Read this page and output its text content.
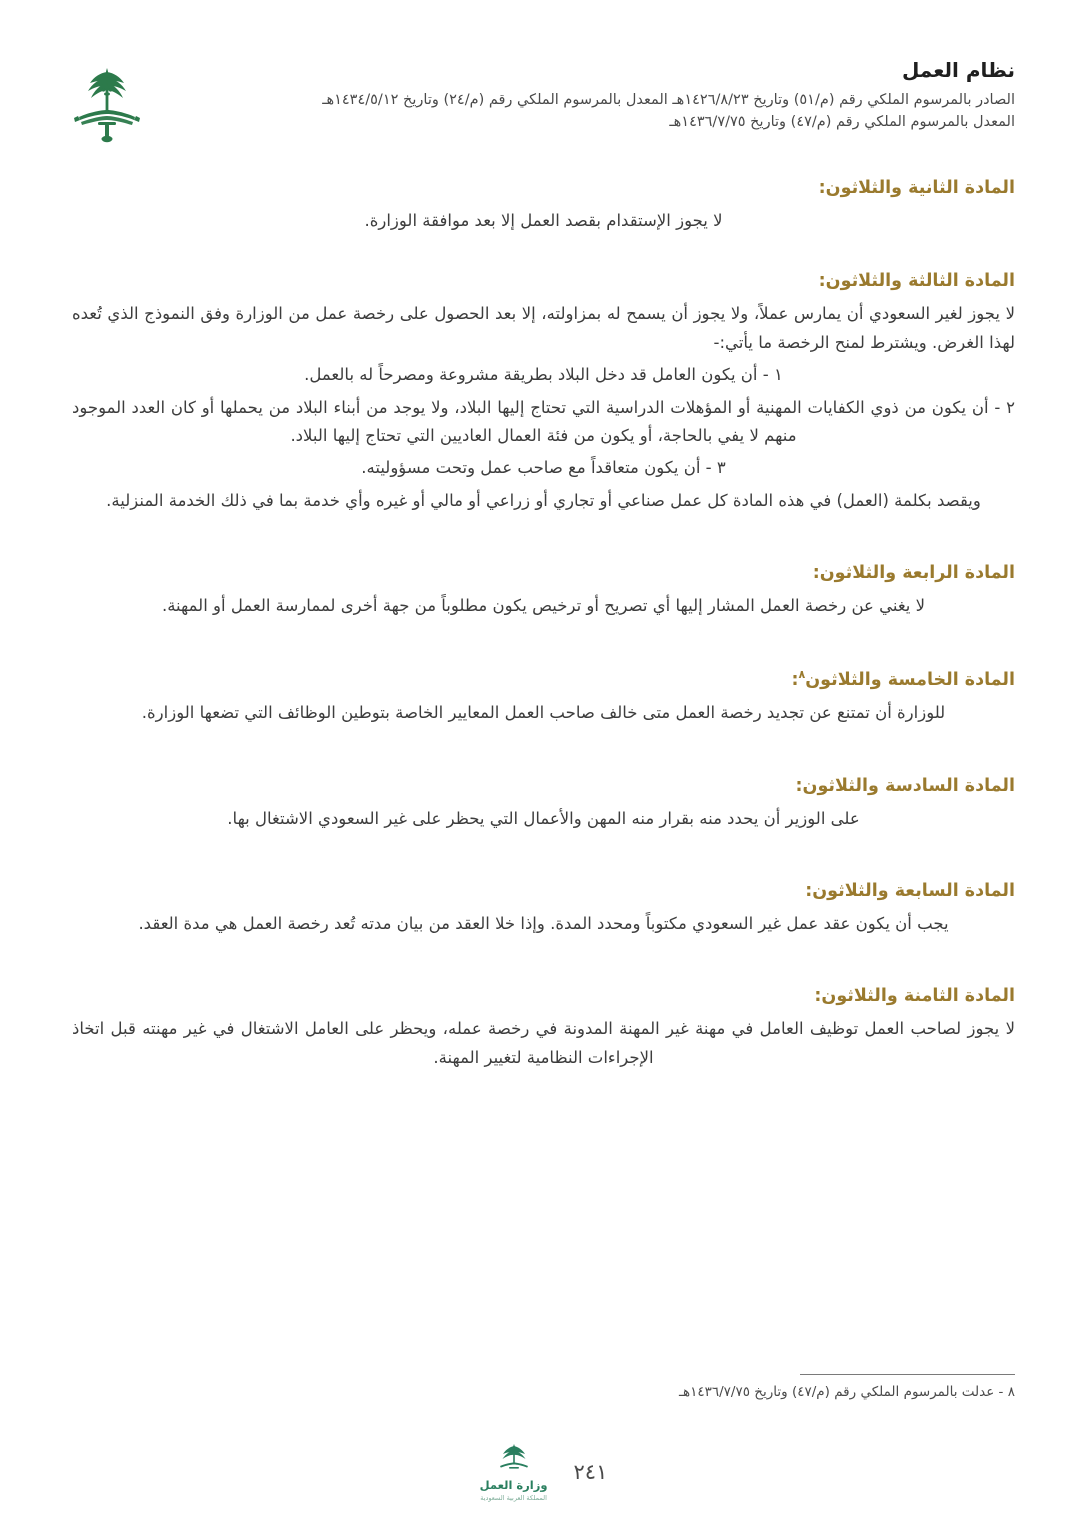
نظام العمل
الصادر بالمرسوم الملكي رقم (م/٥١) وتاريخ ١٤٢٦/٨/٢٣هـ المعدل بالمرسوم الملكي رقم (م/٢٤) وتاريخ ١٤٣٤/٥/١٢هـ
المعدل بالمرسوم الملكي رقم (م/٤٧) وتاريخ ١٤٣٦/٧/٧٥هـ
المادة الثانية والثلاثون:

لا يجوز الإستقدام بقصد العمل إلا بعد موافقة الوزارة.

المادة الثالثة والثلاثون:

لا يجوز لغير السعودي أن يمارس عملاً، ولا يجوز أن يسمح له بمزاولته، إلا بعد الحصول على رخصة عمل من الوزارة وفق النموذج الذي تُعده لهذا الغرض. ويشترط لمنح الرخصة ما يأتي:-

١ - أن يكون العامل قد دخل البلاد بطريقة مشروعة ومصرحاً له بالعمل.

٢ - أن يكون من ذوي الكفايات المهنية أو المؤهلات الدراسية التي تحتاج إليها البلاد، ولا يوجد من أبناء البلاد من يحملها أو كان العدد الموجود منهم لا يفي بالحاجة، أو يكون من فئة العمال العاديين التي تحتاج إليها البلاد.

٣ - أن يكون متعاقداً مع صاحب عمل وتحت مسؤوليته.

ويقصد بكلمة (العمل) في هذه المادة كل عمل صناعي أو تجاري أو زراعي أو مالي أو غيره وأي خدمة بما في ذلك الخدمة المنزلية.

المادة الرابعة والثلاثون:

لا يغني عن رخصة العمل المشار إليها أي تصريح أو ترخيص يكون مطلوباً من جهة أخرى لممارسة العمل أو المهنة.

المادة الخامسة والثلاثون$^٨$:

للوزارة أن تمتنع عن تجديد رخصة العمل متى خالف صاحب العمل المعايير الخاصة بتوطين الوظائف التي تضعها الوزارة.

المادة السادسة والثلاثون:

على الوزير أن يحدد منه بقرار منه المهن والأعمال التي يحظر على غير السعودي الاشتغال بها.

المادة السابعة والثلاثون:

يجب أن يكون عقد عمل غير السعودي مكتوباً ومحدد المدة. وإذا خلا العقد من بيان مدته تُعد رخصة العمل هي مدة العقد.

المادة الثامنة والثلاثون:

لا يجوز لصاحب العمل توظيف العامل في مهنة غير المهنة المدونة في رخصة عمله، ويحظر على العامل الاشتغال في غير مهنته قبل اتخاذ الإجراءات النظامية لتغيير المهنة.

٨ - عدلت بالمرسوم الملكي رقم (م/٤٧) وتاريخ ١٤٣٦/٧/٧٥هـ
وزارة العمل
المملكة العربية السعودية
٢٤١
